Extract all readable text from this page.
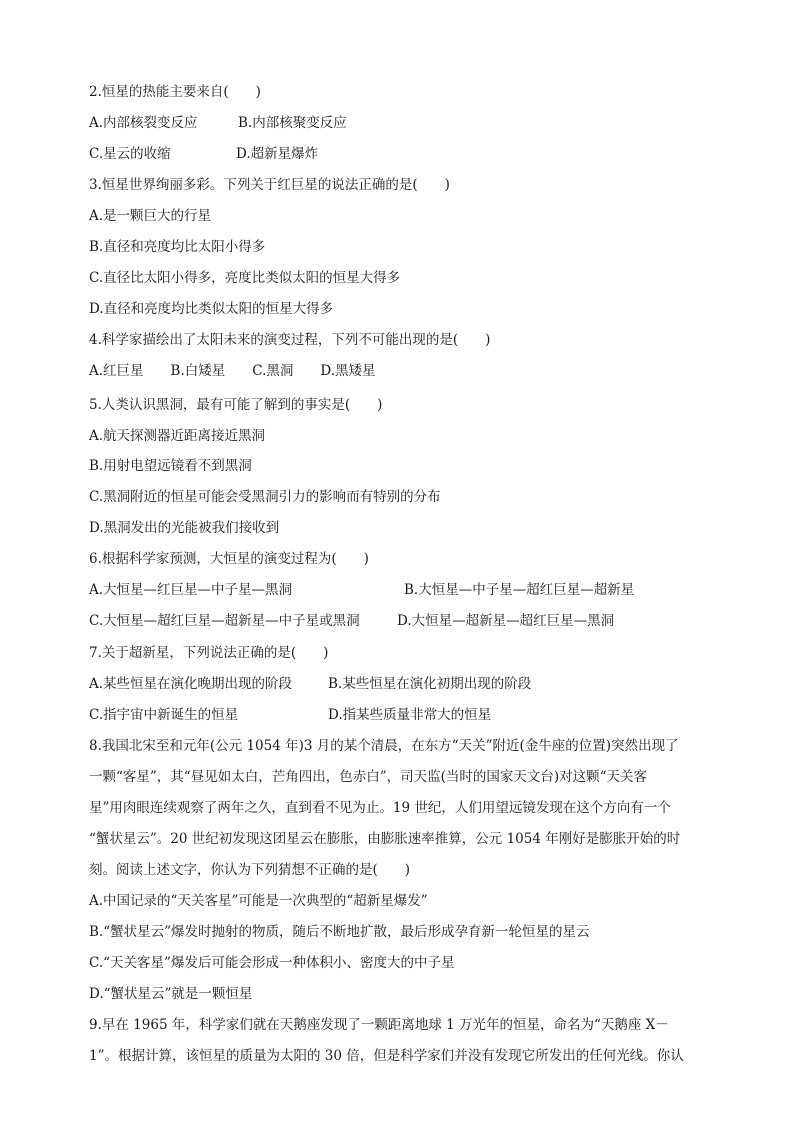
2.恒星的热能主要来自(　　)
A.内部核裂变反应	B.内部核聚变反应
C.星云的收缩	D.超新星爆炸
3.恒星世界绚丽多彩。下列关于红巨星的说法正确的是(　　)
A.是一颗巨大的行星
B.直径和亮度均比太阳小得多
C.直径比太阳小得多，亮度比类似太阳的恒星大得多
D.直径和亮度均比类似太阳的恒星大得多
4.科学家描绘出了太阳未来的演变过程，下列不可能出现的是(　　)
A.红巨星　　B.白矮星　　C.黑洞　　D.黑矮星
5.人类认识黑洞，最有可能了解到的事实是(　　)
A.航天探测器近距离接近黑洞
B.用射电望远镜看不到黑洞
C.黑洞附近的恒星可能会受黑洞引力的影响而有特别的分布
D.黑洞发出的光能被我们接收到
6.根据科学家预测，大恒星的演变过程为(　　)
A.大恒星—红巨星—中子星—黑洞	B.大恒星—中子星—超红巨星—超新星
C.大恒星—超红巨星—超新星—中子星或黑洞	D.大恒星—超新星—超红巨星—黑洞
7.关于超新星，下列说法正确的是(　　)
A.某些恒星在演化晚期出现的阶段	B.某些恒星在演化初期出现的阶段
C.指宇宙中新诞生的恒星	D.指某些质量非常大的恒星
8.我国北宋至和元年(公元 1054 年)3 月的某个清晨，在东方“天关”附近(金牛座的位置)突然出现了
一颗“客星”，其“昼见如太白，芒角四出，色赤白”，司天监(当时的国家天文台)对这颗“天关客
星”用肉眼连续观察了两年之久，直到看不见为止。19 世纪，人们用望远镜发现在这个方向有一个
“蟹状星云”。20 世纪初发现这团星云在膨胀，由膨胀速率推算，公元 1054 年刚好是膨胀开始的时
刻。阅读上述文字，你认为下列猜想不正确的是(　　)
A.中国记录的“天关客星”可能是一次典型的“超新星爆发”
B.“蟹状星云”爆发时抛射的物质，随后不断地扩散，最后形成孕育新一轮恒星的星云
C.“天关客星”爆发后可能会形成一种体积小、密度大的中子星
D.“蟹状星云”就是一颗恒星
9.早在 1965 年，科学家们就在天鹅座发现了一颗距离地球 1 万光年的恒星，命名为“天鹅座 X－
1”。根据计算，该恒星的质量为太阳的 30 倍，但是科学家们并没有发现它所发出的任何光线。你认
